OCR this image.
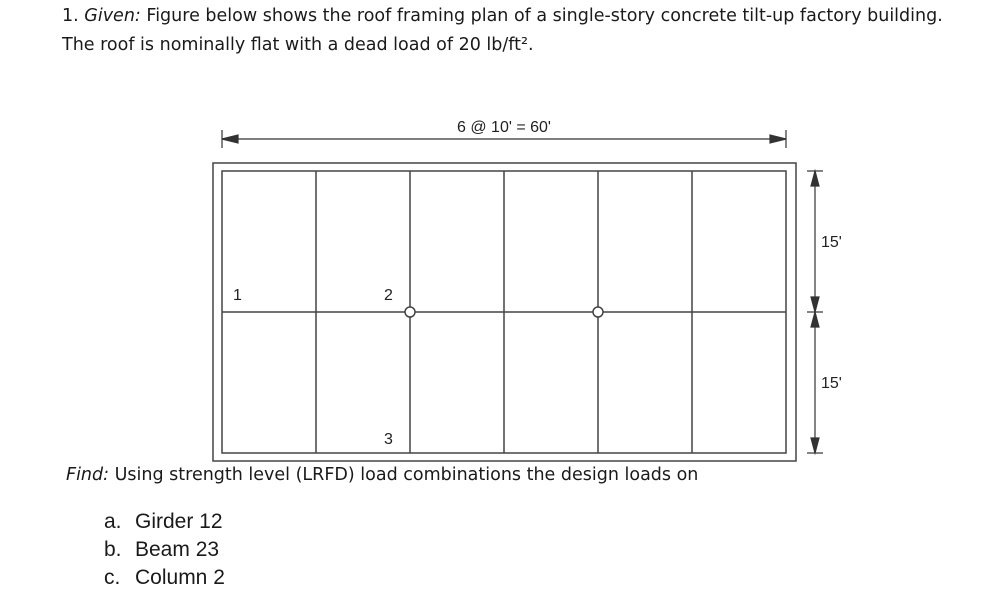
1. Given: Figure below shows the roof framing plan of a single-story concrete tilt-up factory building.
The roof is nominally flat with a dead load of 20 lb/ft².
1	2
3
6 @ 10' = 60'
15'
15'
Find: Using strength level (LRFD) load combinations the design loads on
a. Girder 12
b. Beam 23
c. Column 2
